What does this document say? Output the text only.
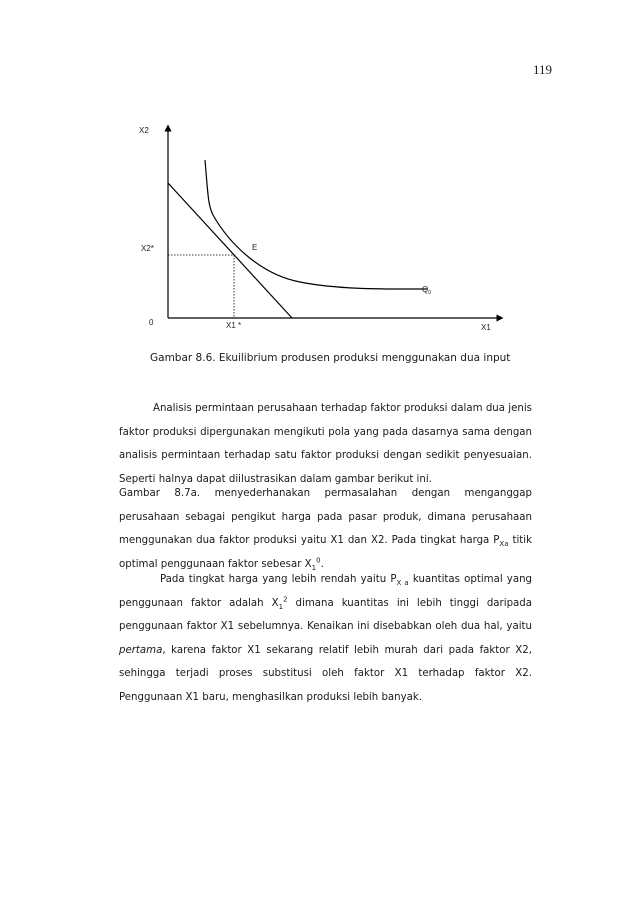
119
X2
X2*	E
$Q_0$
0	X1 *	X1
Gambar 8.6. Ekuilibrium produsen produksi menggunakan dua input

Analisis permintaan perusahaan terhadap faktor produksi dalam dua jenis faktor produksi dipergunakan mengikuti pola yang pada dasarnya sama dengan analisis permintaan terhadap satu faktor produksi dengan sedikit penyesuaian. Seperti halnya dapat diilustrasikan dalam gambar berikut ini.

Gambar 8.7a. menyederhanakan permasalahan dengan menganggap perusahaan sebagai pengikut harga pada pasar produk, dimana perusahaan menggunakan dua faktor produksi yaitu X1 dan X2. Pada tingkat harga $P_{Xa}$ titik optimal penggunaan faktor sebesar $X_1^0$.

Pada tingkat harga yang lebih rendah yaitu $P_{X a}$ kuantitas optimal yang penggunaan faktor adalah $X_1^2$ dimana kuantitas ini lebih tinggi daripada penggunaan faktor X1 sebelumnya. Kenaikan ini disebabkan oleh dua hal, yaitu pertama, karena faktor X1 sekarang relatif lebih murah dari pada faktor X2, sehingga terjadi proses substitusi oleh faktor X1 terhadap faktor X2. Penggunaan X1 baru, menghasilkan produksi lebih banyak.
